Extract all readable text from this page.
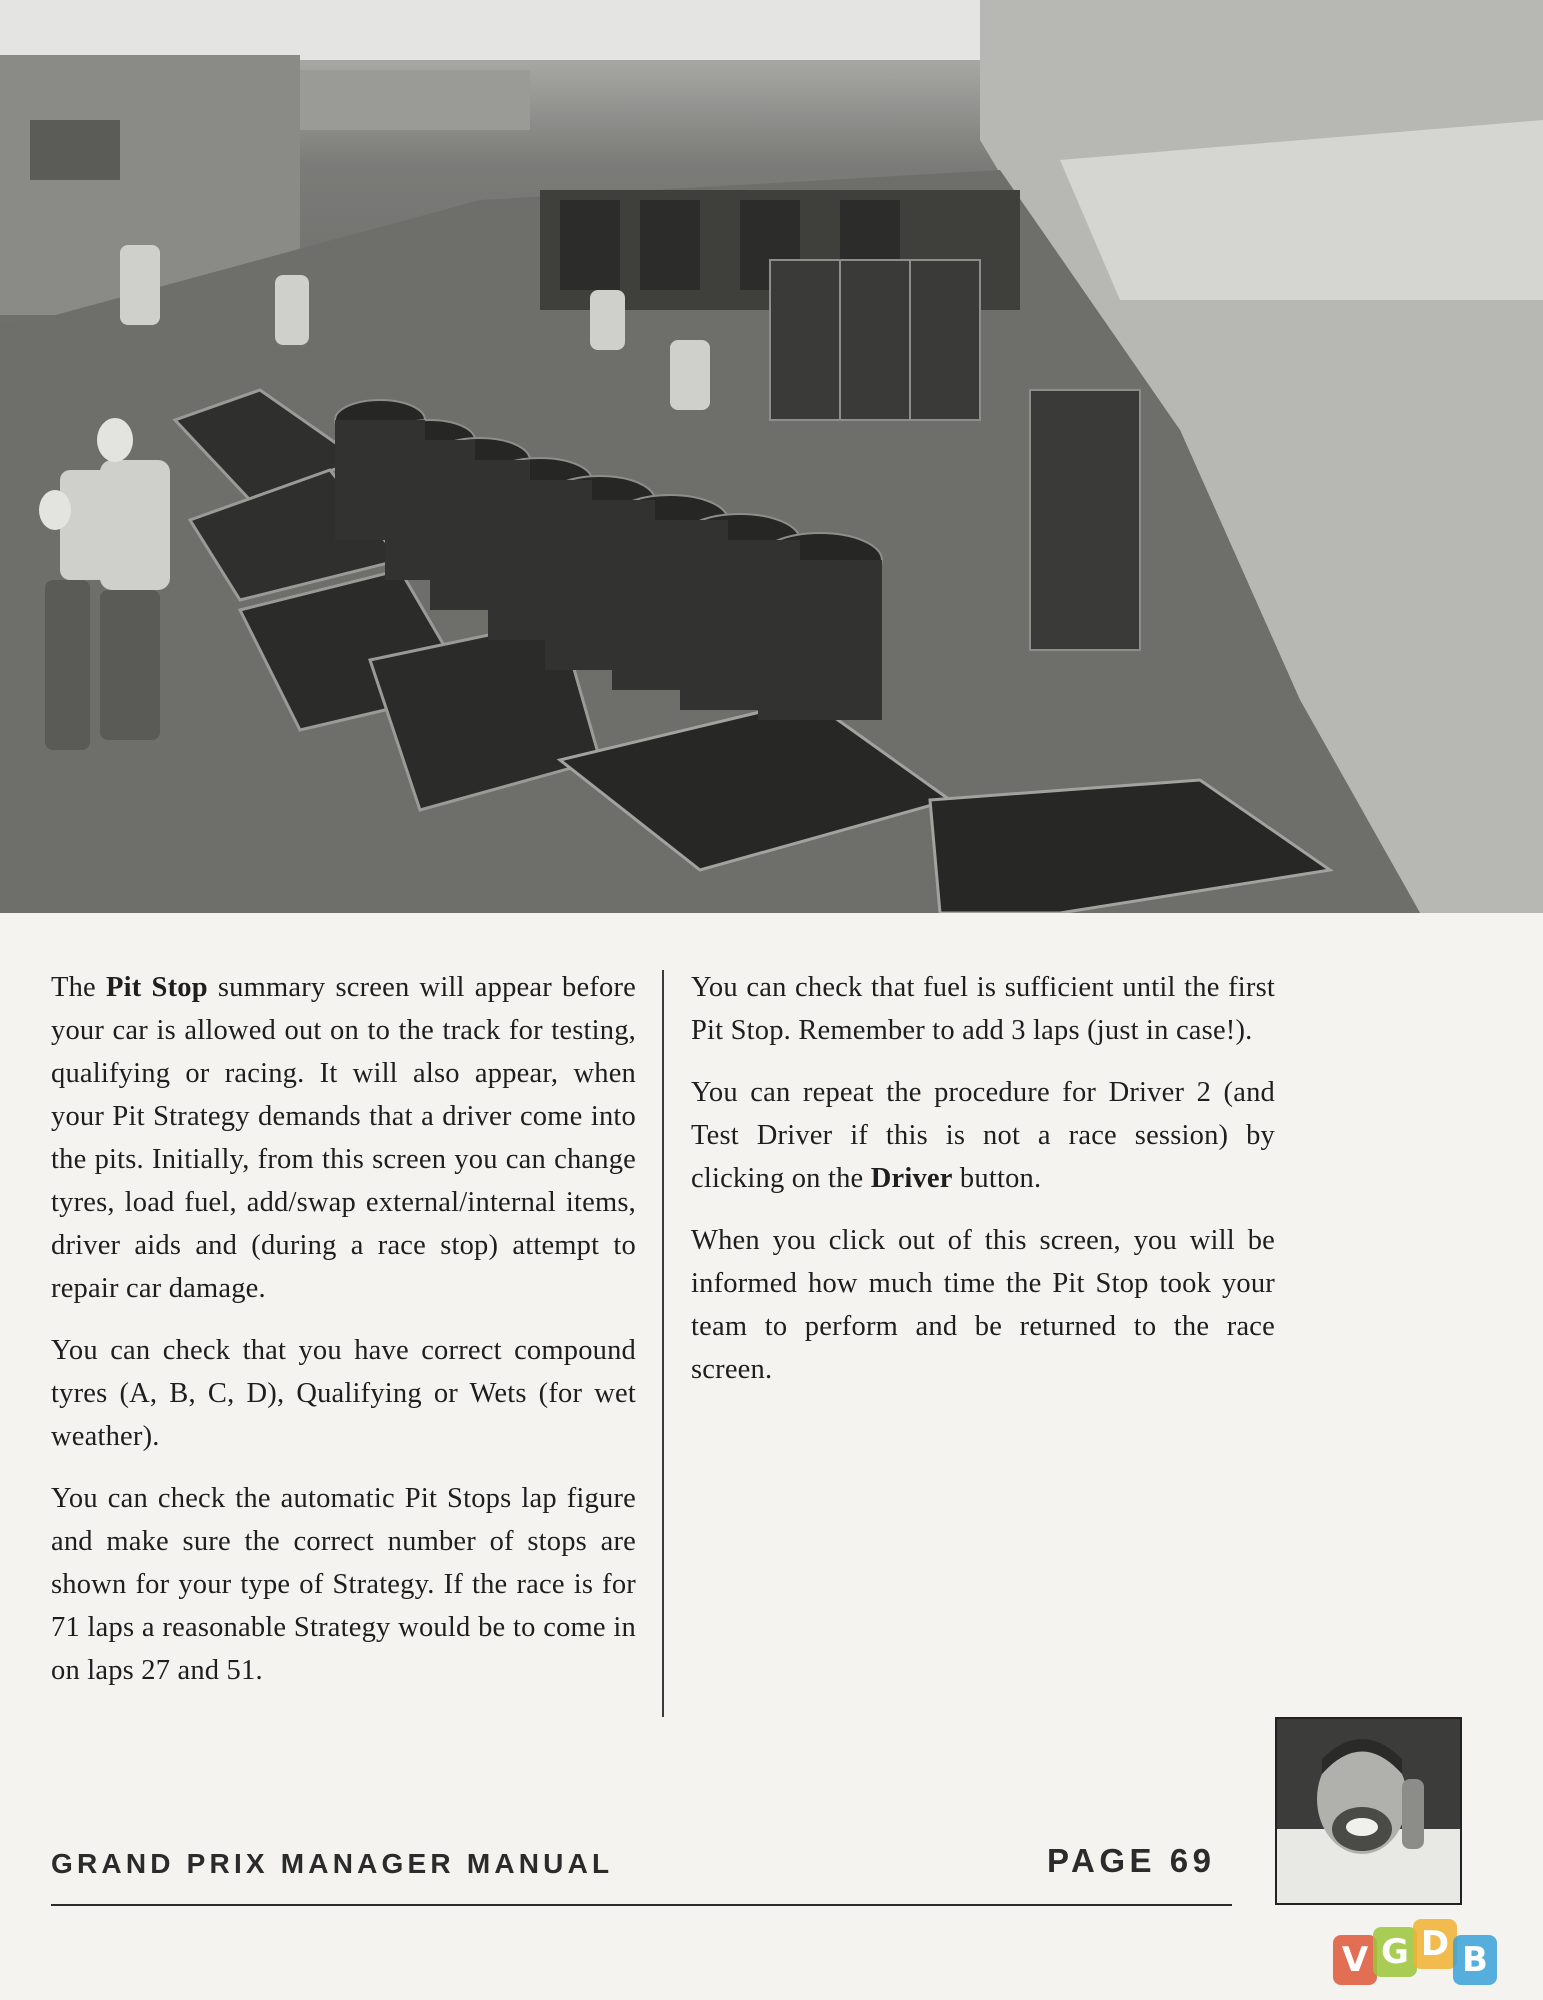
The Pit Stop summary screen will appear before your car is allowed out on to the track for testing, qualifying or racing. It will also appear, when your Pit Strategy demands that a driver come into the pits. Initially, from this screen you can change tyres, load fuel, add/swap external/internal items, driver aids and (during a race stop) attempt to repair car damage.

You can check that you have correct compound tyres (A, B, C, D), Qualifying or Wets (for wet weather).

You can check the automatic Pit Stops lap figure and make sure the correct number of stops are shown for your type of Strategy. If the race is for 71 laps a reasonable Strategy would be to come in on laps 27 and 51.

You can check that fuel is sufficient until the first Pit Stop. Remember to add 3 laps (just in case!).

You can repeat the procedure for Driver 2 (and Test Driver if this is not a race session) by clicking on the Driver button.

When you click out of this screen, you will be informed how much time the Pit Stop took your team to perform and be returned to the race screen.

GRAND PRIX MANAGER MANUAL	PAGE 69
V G D B
